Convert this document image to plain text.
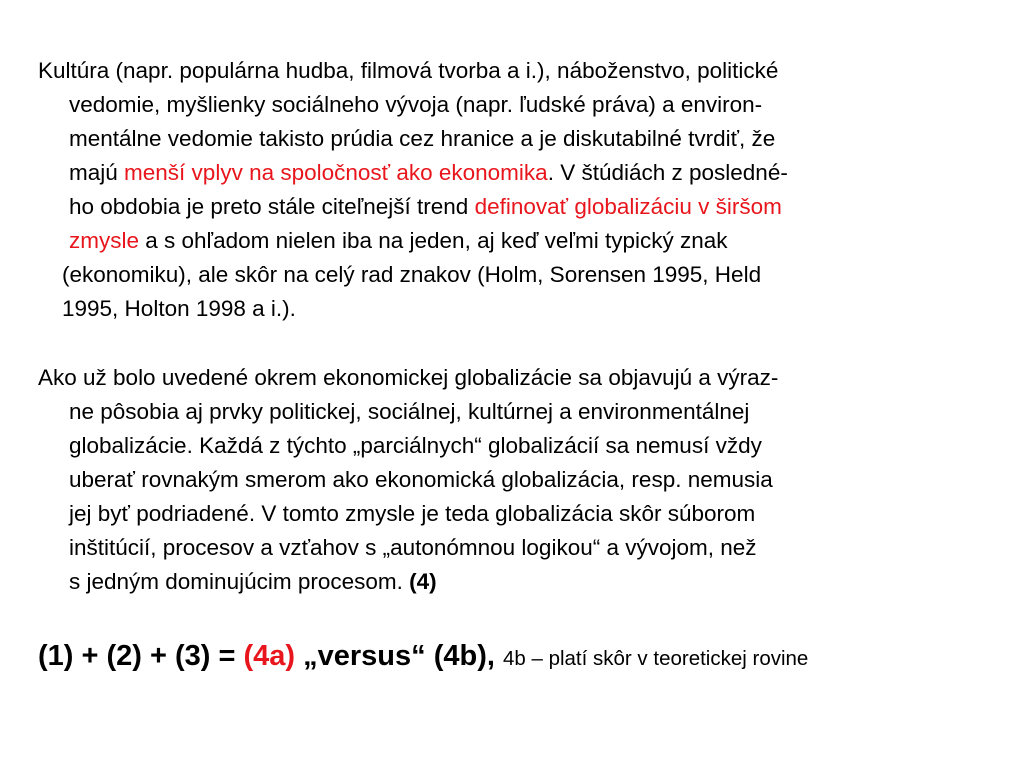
Kultúra (napr. populárna hudba, filmová tvorba a i.), náboženstvo, politické
vedomie, myšlienky sociálneho vývoja (napr. ľudské práva) a environ-
mentálne vedomie takisto prúdia cez hranice a je diskutabilné tvrdiť, že
majú menší vplyv na spoločnosť ako ekonomika. V štúdiách z posledné-
ho obdobia je preto stále citeľnejší trend definovať globalizáciu v širšom
zmysle a s ohľadom nielen iba na jeden, aj keď veľmi typický znak
(ekonomiku), ale skôr na celý rad znakov (Holm, Sorensen 1995, Held
1995, Holton 1998 a i.).
Ako už bolo uvedené okrem ekonomickej globalizácie sa objavujú a výraz-
ne pôsobia aj prvky politickej, sociálnej, kultúrnej a environmentálnej
globalizácie. Každá z týchto „parciálnych“ globalizácií sa nemusí vždy
uberať rovnakým smerom ako ekonomická globalizácia, resp. nemusia
jej byť podriadené. V tomto zmysle je teda globalizácia skôr súborom
inštitúcií, procesov a vzťahov s „autonómnou logikou“ a vývojom, než
s jedným dominujúcim procesom. (4)
(1) + (2) + (3) = (4a) „versus“ (4b), 4b – platí skôr v teoretickej rovine
